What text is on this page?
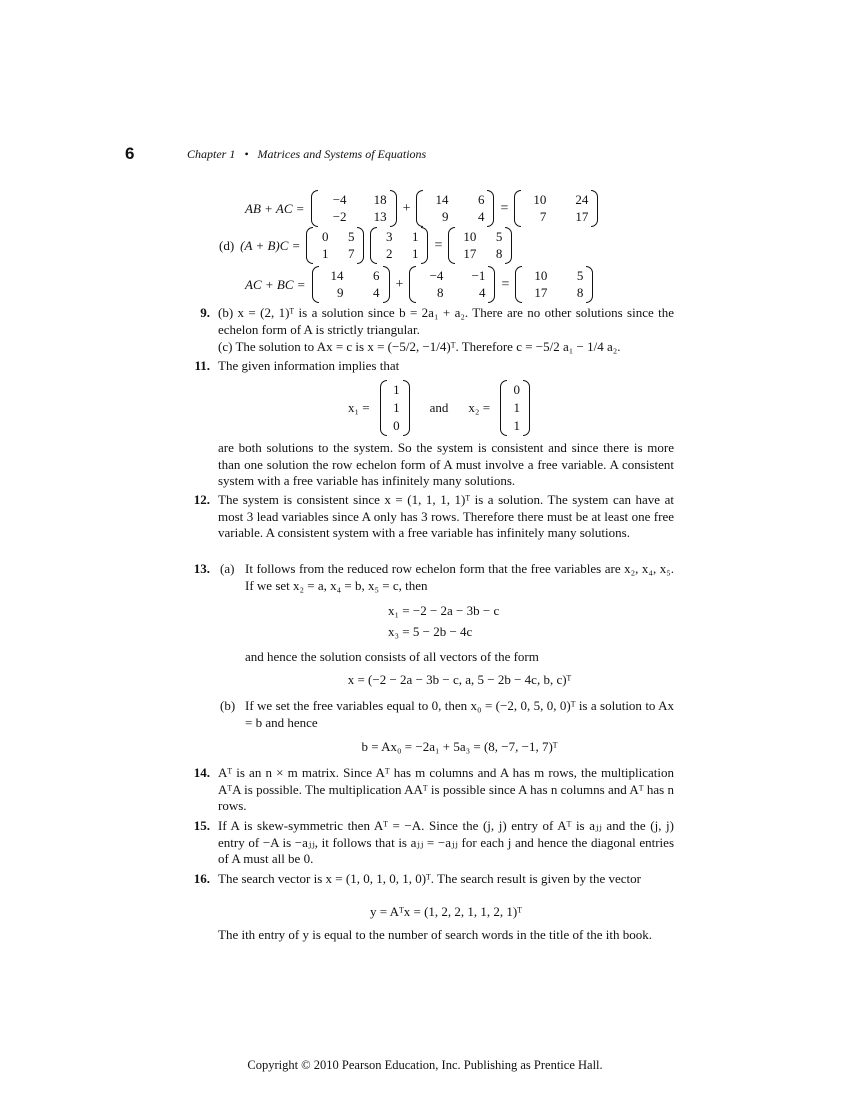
6	Chapter 1 • Matrices and Systems of Equations
AB + AC =
−4	18
−2	13
+
14	6
9	4
=
10	24
7	17
(d) (A + B)C =
0	5
1	7
3	1
2	1
=
10	5
17	8
AC + BC =
14	6
9	4
+
−4	−1
8	4
=
10	5
17	8
9. (b) x = (2, 1)ᵀ is a solution since b = 2a₁ + a₂. There are no other solutions since the echelon form of A is strictly triangular.
(c) The solution to Ax = c is x = (−5/2, −1/4)ᵀ. Therefore c = −5/2 a₁ − 1/4 a₂.
11. The given information implies that
x₁ =
1
1
0
and x₂ =
0
1
1
are both solutions to the system. So the system is consistent and since there is more than one solution the row echelon form of A must involve a free variable. A consistent system with a free variable has infinitely many solutions.
12. The system is consistent since x = (1, 1, 1, 1)ᵀ is a solution. The system can have at most 3 lead variables since A only has 3 rows. Therefore there must be at least one free variable. A consistent system with a free variable has infinitely many solutions.
13. (a) It follows from the reduced row echelon form that the free variables are x₂, x₄, x₅. If we set x₂ = a, x₄ = b, x₅ = c, then
x₁ = −2 − 2a − 3b − c
x₃ = 5 − 2b − 4c
and hence the solution consists of all vectors of the form
x = (−2 − 2a − 3b − c, a, 5 − 2b − 4c, b, c)ᵀ
(b) If we set the free variables equal to 0, then x₀ = (−2, 0, 5, 0, 0)ᵀ is a solution to Ax = b and hence
b = Ax₀ = −2a₁ + 5a₃ = (8, −7, −1, 7)ᵀ
14. Aᵀ is an n × m matrix. Since Aᵀ has m columns and A has m rows, the multiplication AᵀA is possible. The multiplication AAᵀ is possible since A has n columns and Aᵀ has n rows.
15. If A is skew-symmetric then Aᵀ = −A. Since the (j, j) entry of Aᵀ is aⱼⱼ and the (j, j) entry of −A is −aⱼⱼ, it follows that is aⱼⱼ = −aⱼⱼ for each j and hence the diagonal entries of A must all be 0.
16. The search vector is x = (1, 0, 1, 0, 1, 0)ᵀ. The search result is given by the vector
y = Aᵀx = (1, 2, 2, 1, 1, 2, 1)ᵀ
The ith entry of y is equal to the number of search words in the title of the ith book.
Copyright © 2010 Pearson Education, Inc. Publishing as Prentice Hall.
